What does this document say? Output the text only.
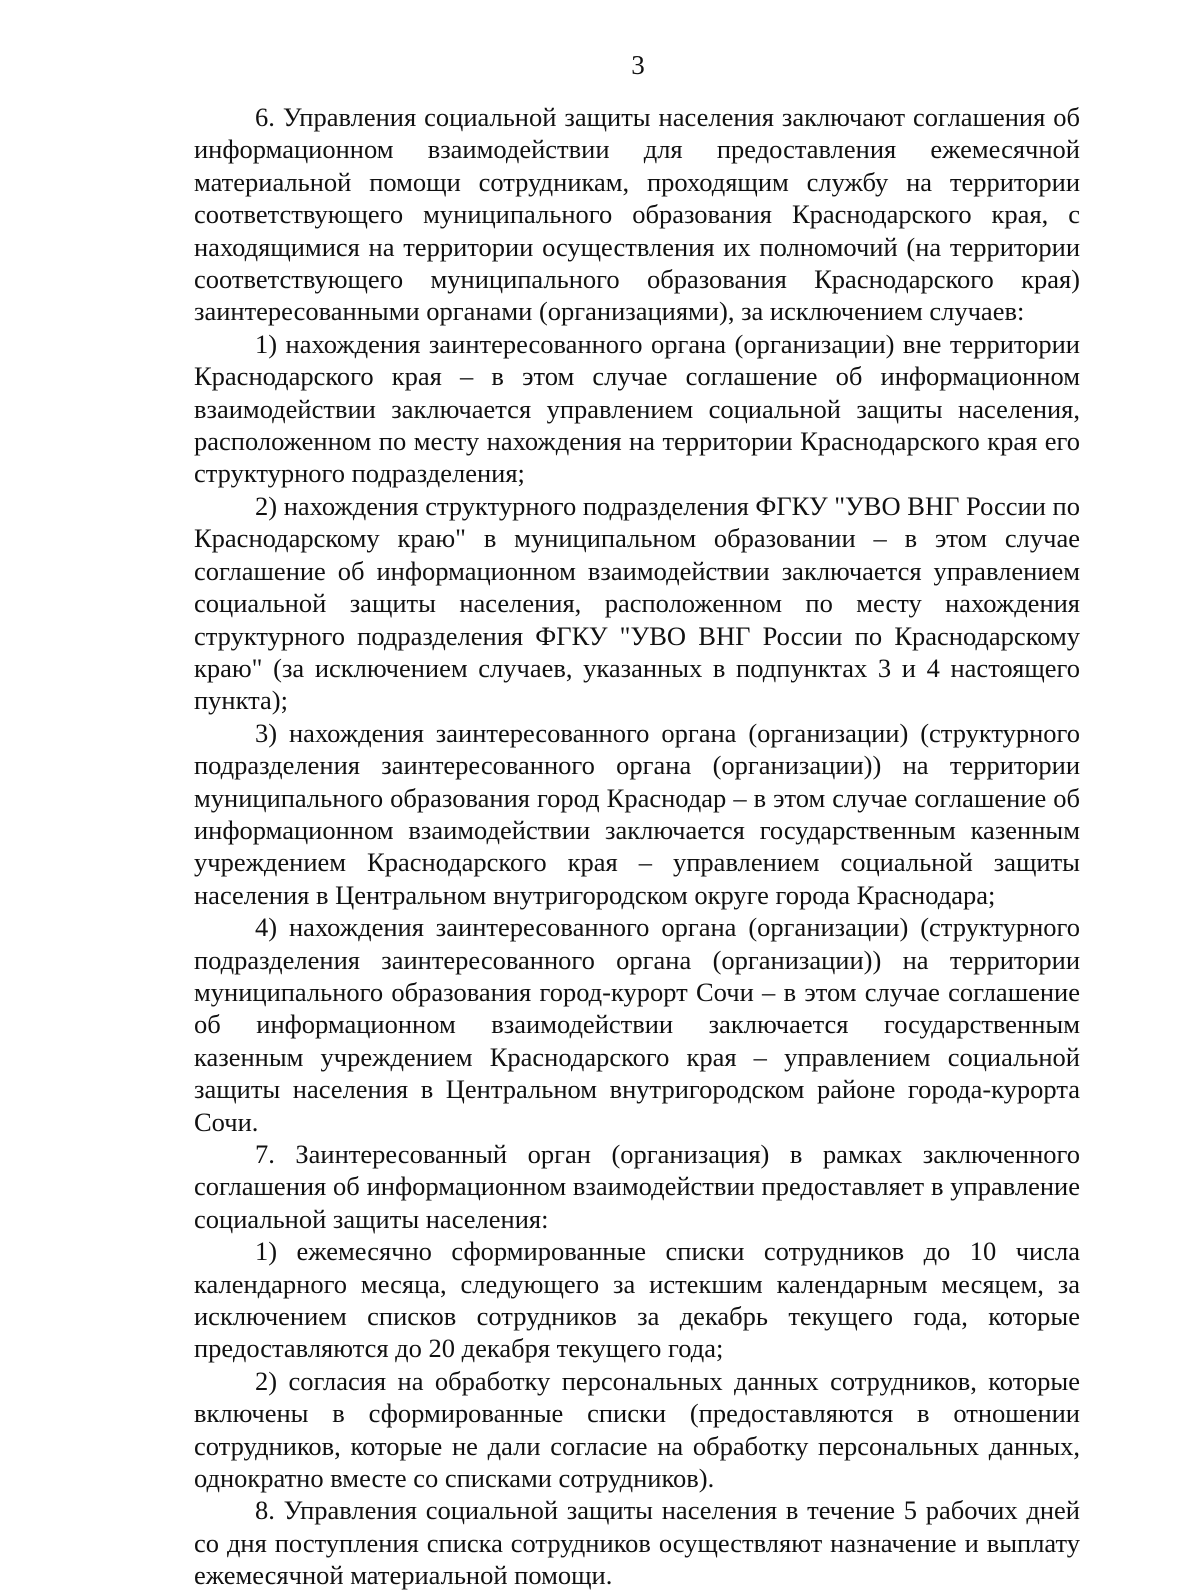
3

6. Управления социальной защиты населения заключают соглашения об информационном взаимодействии для предоставления ежемесячной материальной помощи сотрудникам, проходящим службу на территории соответствующего муниципального образования Краснодарского края, с находящимися на территории осуществления их полномочий (на территории соответствующего муниципального образования Краснодарского края) заинтересованными органами (организациями), за исключением случаев:

1) нахождения заинтересованного органа (организации) вне территории Краснодарского края – в этом случае соглашение об информационном взаимодействии заключается управлением социальной защиты населения, расположенном по месту нахождения на территории Краснодарского края его структурного подразделения;

2) нахождения структурного подразделения ФГКУ "УВО ВНГ России по Краснодарскому краю" в муниципальном образовании – в этом случае соглашение об информационном взаимодействии заключается управлением социальной защиты населения, расположенном по месту нахождения структурного подразделения ФГКУ "УВО ВНГ России по Краснодарскому краю" (за исключением случаев, указанных в подпунктах 3 и 4 настоящего пункта);

3) нахождения заинтересованного органа (организации) (структурного подразделения заинтересованного органа (организации)) на территории муниципального образования город Краснодар – в этом случае соглашение об информационном взаимодействии заключается государственным казенным учреждением Краснодарского края – управлением социальной защиты населения в Центральном внутригородском округе города Краснодара;

4) нахождения заинтересованного органа (организации) (структурного подразделения заинтересованного органа (организации)) на территории муниципального образования город-курорт Сочи – в этом случае соглашение об информационном взаимодействии заключается государственным казенным учреждением Краснодарского края – управлением социальной защиты населения в Центральном внутригородском районе города-курорта Сочи.

7. Заинтересованный орган (организация) в рамках заключенного соглашения об информационном взаимодействии предоставляет в управление социальной защиты населения:

1) ежемесячно сформированные списки сотрудников до 10 числа календарного месяца, следующего за истекшим календарным месяцем, за исключением списков сотрудников за декабрь текущего года, которые предоставляются до 20 декабря текущего года;

2) согласия на обработку персональных данных сотрудников, которые включены в сформированные списки (предоставляются в отношении сотрудников, которые не дали согласие на обработку персональных данных, однократно вместе со списками сотрудников).

8. Управления социальной защиты населения в течение 5 рабочих дней со дня поступления списка сотрудников осуществляют назначение и выплату ежемесячной материальной помощи.
